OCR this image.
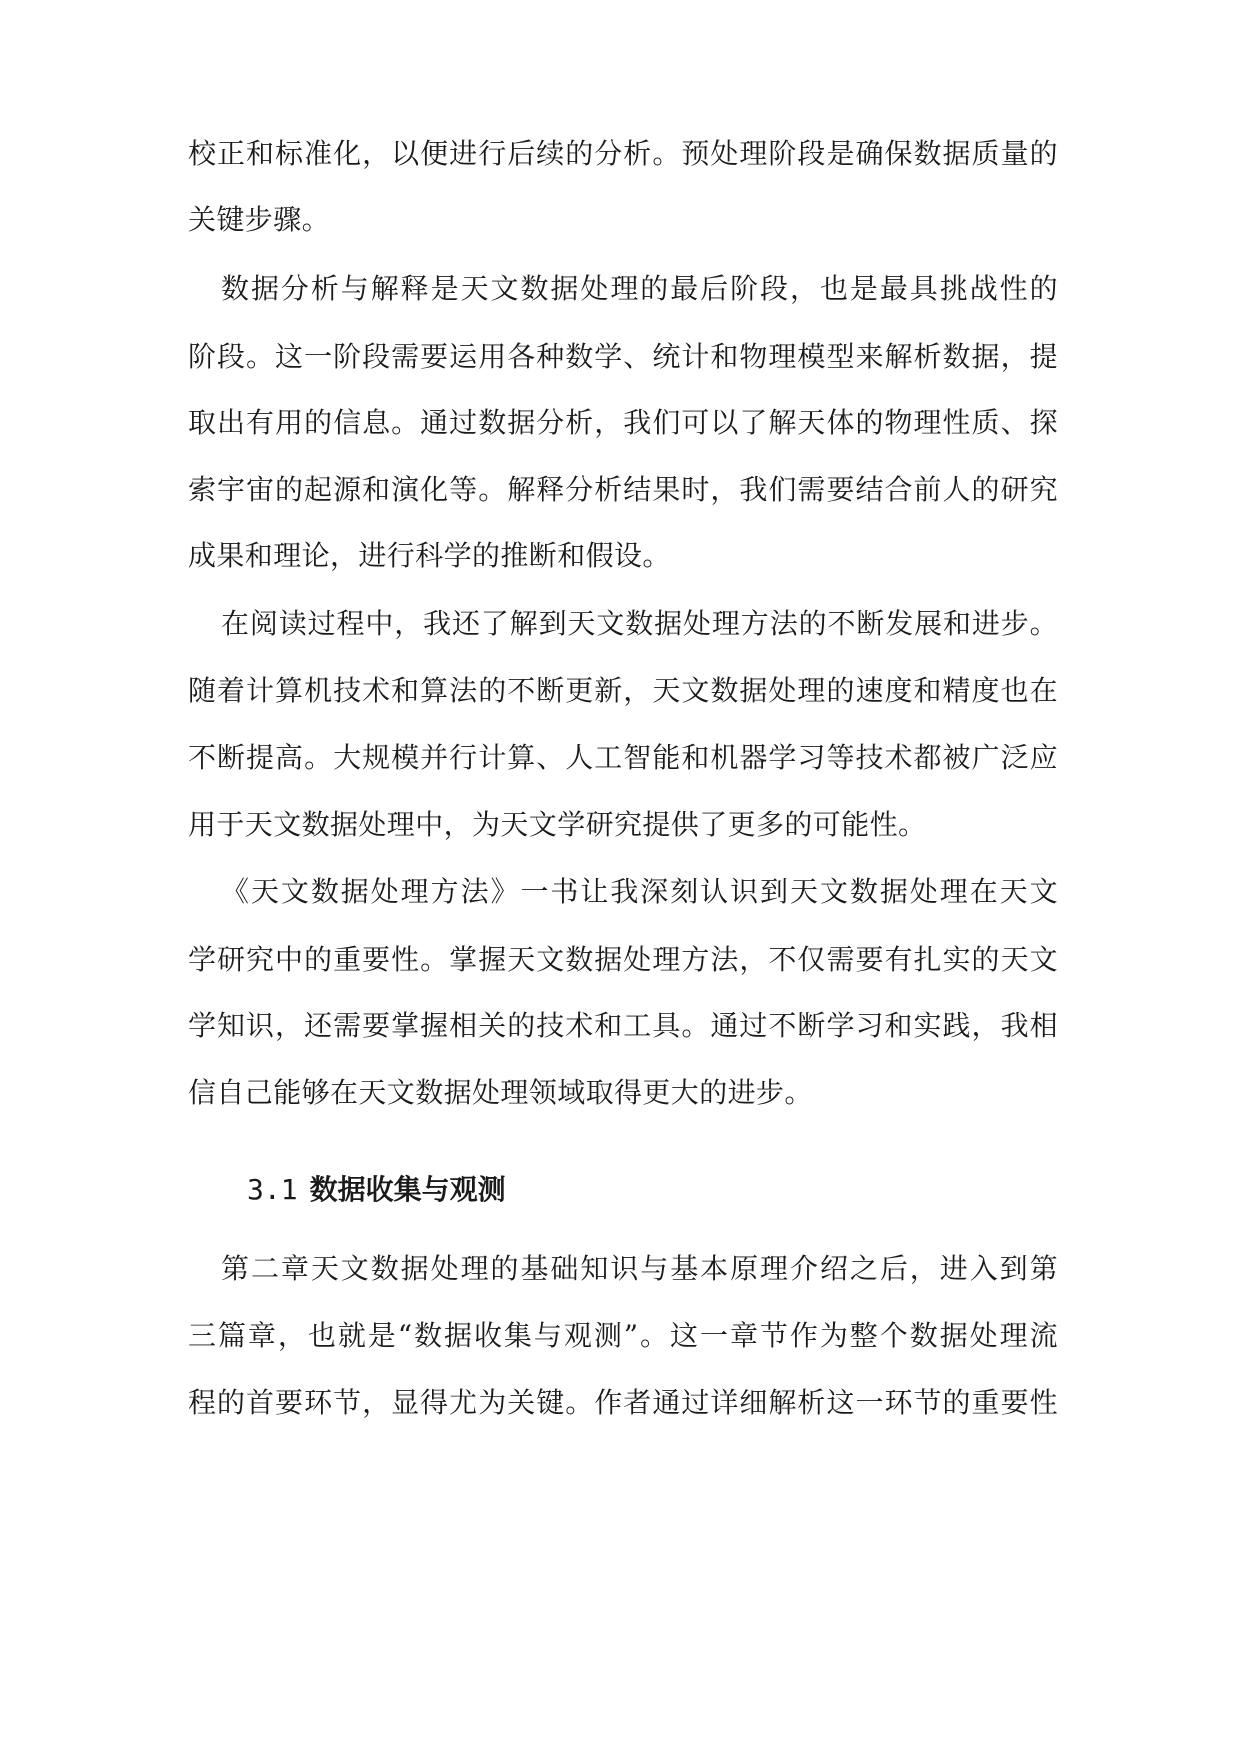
校正和标准化，以便进行后续的分析。预处理阶段是确保数据质量的
关键步骤。
数据分析与解释是天文数据处理的最后阶段，也是最具挑战性的
阶段。这一阶段需要运用各种数学、统计和物理模型来解析数据，提
取出有用的信息。通过数据分析，我们可以了解天体的物理性质、探
索宇宙的起源和演化等。解释分析结果时，我们需要结合前人的研究
成果和理论，进行科学的推断和假设。
在阅读过程中，我还了解到天文数据处理方法的不断发展和进步。
随着计算机技术和算法的不断更新，天文数据处理的速度和精度也在
不断提高。大规模并行计算、人工智能和机器学习等技术都被广泛应
用于天文数据处理中，为天文学研究提供了更多的可能性。
《天文数据处理方法》一书让我深刻认识到天文数据处理在天文
学研究中的重要性。掌握天文数据处理方法，不仅需要有扎实的天文
学知识，还需要掌握相关的技术和工具。通过不断学习和实践，我相
信自己能够在天文数据处理领域取得更大的进步。
3.1 数据收集与观测
第二章天文数据处理的基础知识与基本原理介绍之后，进入到第
三篇章，也就是“数据收集与观测”。这一章节作为整个数据处理流
程的首要环节，显得尤为关键。作者通过详细解析这一环节的重要性
